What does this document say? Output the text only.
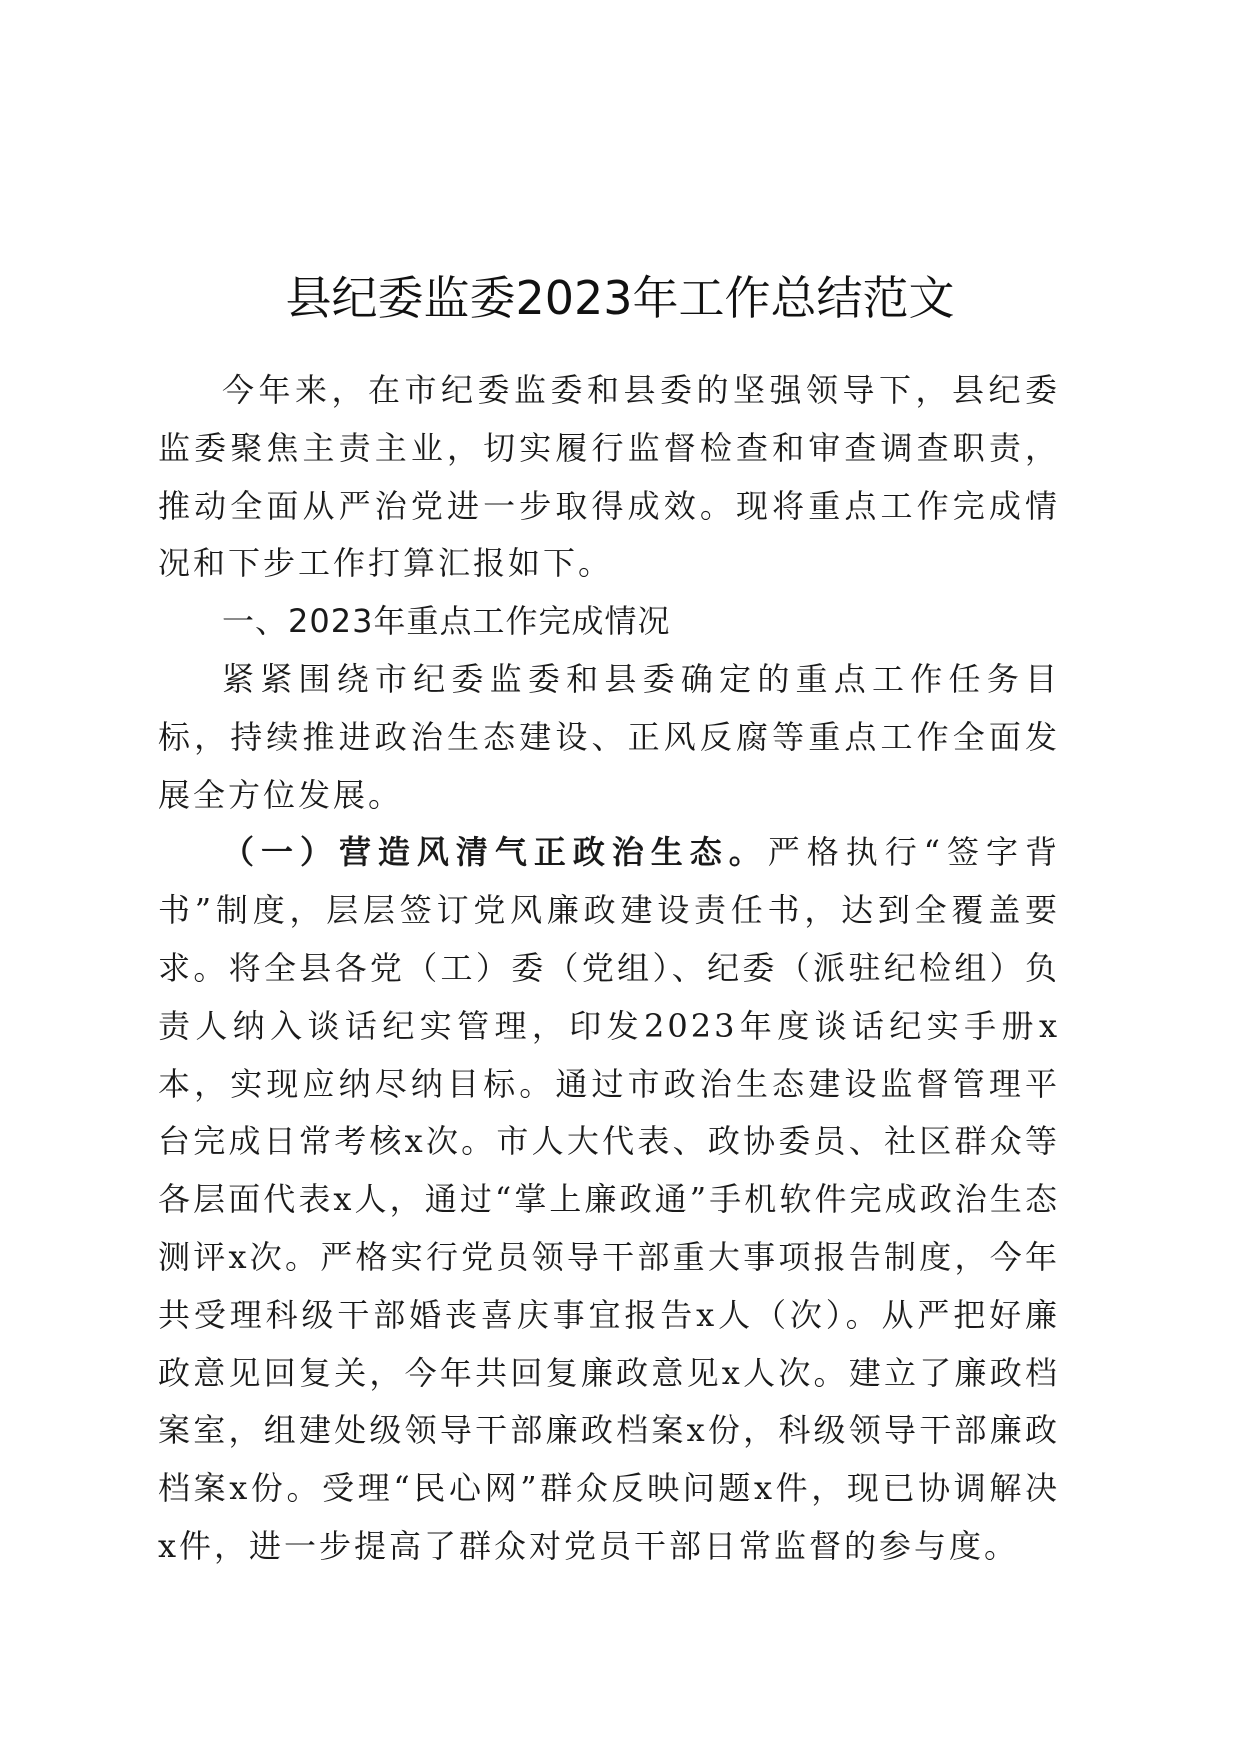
县纪委监委2023年工作总结范文

今年来，在市纪委监委和县委的坚强领导下，县纪委监委聚焦主责主业，切实履行监督检查和审查调查职责，推动全面从严治党进一步取得成效。现将重点工作完成情况和下步工作打算汇报如下。

一、2023年重点工作完成情况

紧紧围绕市纪委监委和县委确定的重点工作任务目标，持续推进政治生态建设、正风反腐等重点工作全面发展全方位发展。

（一）营造风清气正政治生态。严格执行“签字背书”制度，层层签订党风廉政建设责任书，达到全覆盖要求。将全县各党（工）委（党组）、纪委（派驻纪检组）负责人纳入谈话纪实管理，印发2023年度谈话纪实手册x本，实现应纳尽纳目标。通过市政治生态建设监督管理平台完成日常考核x次。市人大代表、政协委员、社区群众等各层面代表x人，通过“掌上廉政通”手机软件完成政治生态测评x次。严格实行党员领导干部重大事项报告制度，今年共受理科级干部婚丧喜庆事宜报告x人（次）。从严把好廉政意见回复关，今年共回复廉政意见x人次。建立了廉政档案室，组建处级领导干部廉政档案x份，科级领导干部廉政档案x份。受理“民心网”群众反映问题x件，现已协调解决x件，进一步提高了群众对党员干部日常监督的参与度。
